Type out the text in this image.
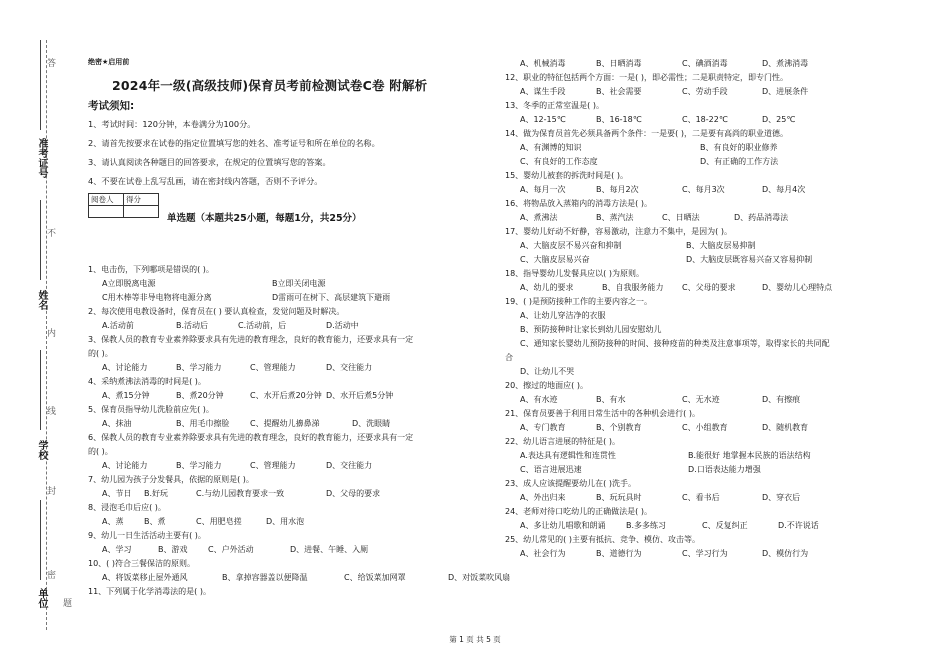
答
不
内
线
封
密
题
准考证号
姓名
学校
单位
绝密★启用前
2024年一级(高级技师)保育员考前检测试卷C卷 附解析
考试须知:
1、考试时间：120分钟，本卷满分为100分。
2、请首先按要求在试卷的指定位置填写您的姓名、准考证号和所在单位的名称。
3、请认真阅读各种题目的回答要求，在规定的位置填写您的答案。
4、不要在试卷上乱写乱画，请在密封线内答题，否则不予评分。
阅卷人	得分

单选题（本题共25小题，每题1分，共25分）
1、电击伤，下列哪项是错误的( )。
A立即脱离电源	B立即关闭电源
C用木棒等非导电物将电源分离	D雷雨可在树下、高层建筑下避雨
2、每次使用电教设备时，保育员在( ) 要认真检查，发觉问题及时解决。
A.活动前	B.活动后	C.活动前，后	D.活动中
3、保教人员的教育专业素养除要求具有先进的教育理念，良好的教育能力，还要求具有一定
的( )。
A、讨论能力	B、学习能力	C、管理能力	D、交往能力
4、采纳煮沸法消毒的时间是( )。
A、煮15分钟	B、煮20分钟	C、水开后煮20分钟 D、水开后煮5分钟
5、保育员指导幼儿洗脸前应先( )。
A、抹油	B、用毛巾擦脸	C、提醒幼儿擤鼻涕	D、洗眼睛
6、保教人员的教育专业素养除要求具有先进的教育理念，良好的教育能力，还要求具有一定
的( )。
A、讨论能力	B、学习能力	C、管理能力	D、交往能力
7、幼儿园为孩子分发餐具，依据的原则是( )。
A、节日 B.好玩	C.与幼儿园教育要求一致	D、父母的要求
8、浸泡毛巾后应( )。
A、蒸	B、煮	C、用肥皂搓	D、用水泡
9、幼儿一日生活活动主要有( )。
A、学习	B、游戏	C、户外活动	D、进餐、午睡、入厕
10、( )符合三餐保洁的原则。
A、将饭菜移止屋外通风	B、拿掉容器盖以便降温	C、给饭菜加网罩	D、对饭菜吹风扇
11、下列属于化学消毒法的是( )。
A、机械消毒	B、日晒消毒	C、碘酒消毒	D、煮沸消毒
12、职业的特征包括两个方面：一是( )，即必需性；二是职责特定，即专门性。
A、谋生手段	B、社会需要	C、劳动手段	D、进展条件
13、冬季的正常室温是( )。
A、12-15℃	B、16-18℃	C、18-22℃	D、25℃
14、做为保育员首先必须具备两个条件：一是要( )，二是要有高尚的职业道德。
A、有渊博的知识	B、有良好的职业修养
C、有良好的工作态度	D、有正确的工作方法
15、婴幼儿被套的拆洗时间是( )。
A、每月一次	B、每月2次	C、每月3次	D、每月4次
16、将物品放入蒸箱内的消毒方法是( )。
A、煮沸法	B、蒸汽法	C、日晒法	D、药品消毒法
17、婴幼儿好动不好静，容易激动，注意力不集中，是因为( )。
A、大脑皮层不易兴奋和抑制	B、大脑皮层易抑制
C、大脑皮层易兴奋	D、大脑皮层既容易兴奋又容易抑制
18、指导婴幼儿发餐具应以( )为原则。
A、幼儿的要求	B、自我服务能力 C、父母的要求	D、婴幼儿心理特点
19、( )是预防接种工作的主要内容之一。
A、让幼儿穿洁净的衣服
B、预防接种时让家长到幼儿园安慰幼儿
C、通知家长婴幼儿预防接种的时间、接种疫苗的种类及注意事项等，取得家长的共同配
合
D、让幼儿不哭
20、擦过的地面应( )。
A、有水迹	B、有水	C、无水迹	D、有擦痕
21、保育员要善于利用日常生活中的各种机会进行( )。
A、专门教育	B、个别教育	C、小组教育	D、随机教育
22、幼儿语言进展的特征是( )。
A.表达具有逻辑性和连贯性	B.能很好 地掌握本民族的语法结构
C、语言进展迅速	D.口语表达能力增强
23、成人应该提醒要幼儿在( )洗手。
A、外出归来	B、玩玩具时	C、看书后	D、穿衣后
24、老师对待口吃幼儿的正确做法是( )。
A、多让幼儿唱歌和朗诵	B.多多练习	C、反复纠正	D.不许说话
25、幼儿常见的( )主要有抵抗、竞争、模仿、攻击等。
A、社会行为	B、道德行为	C、学习行为	D、模仿行为
第 1 页 共 5 页
